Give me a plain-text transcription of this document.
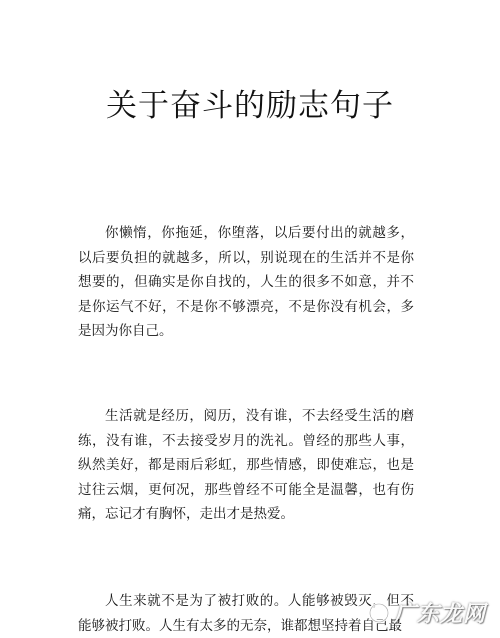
关于奋斗的励志句子

你懒惰，你拖延，你堕落，以后要付出的就越多，以后要负担的就越多，所以，别说现在的生活并不是你想要的，但确实是你自找的，人生的很多不如意，并不是你运气不好，不是你不够漂亮，不是你没有机会，多是因为你自己。

生活就是经历，阅历，没有谁，不去经受生活的磨练，没有谁，不去接受岁月的洗礼。曾经的那些人事，纵然美好，都是雨后彩虹，那些情感，即使难忘，也是过往云烟，更何况，那些曾经不可能全是温馨，也有伤痛，忘记才有胸怀，走出才是热爱。

人生来就不是为了被打败的。人能够被毁灭，但不能够被打败。人生有太多的无奈，谁都想坚持着自己最

广东龙网
